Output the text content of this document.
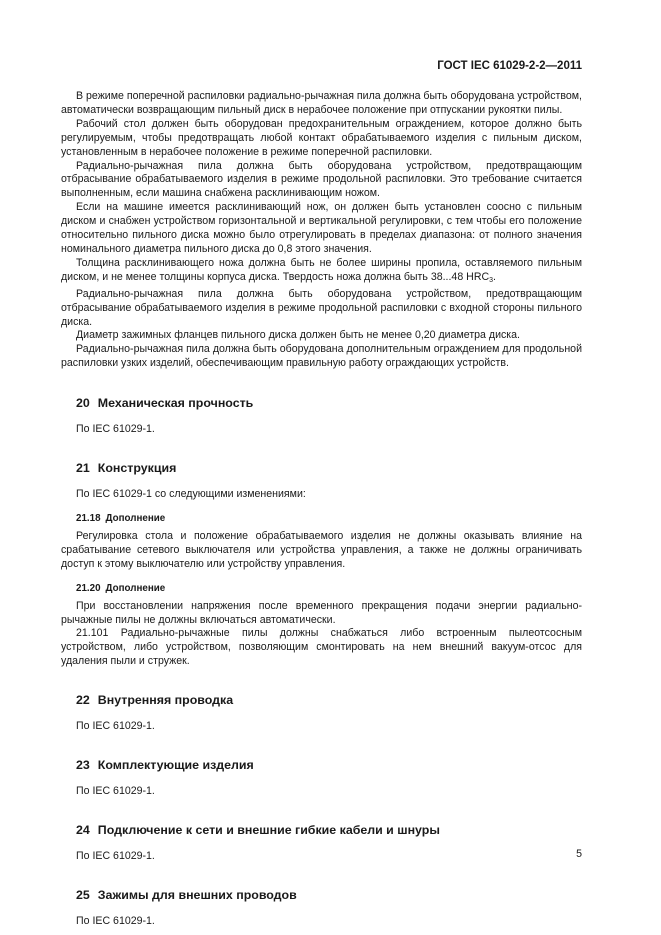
ГОСТ IEC 61029-2-2—2011

В режиме поперечной распиловки радиально-рычажная пила должна быть оборудована устройством, автоматически возвращающим пильный диск в нерабочее положение при отпускании рукоятки пилы.

Рабочий стол должен быть оборудован предохранительным ограждением, которое должно быть регулируемым, чтобы предотвращать любой контакт обрабатываемого изделия с пильным диском, установленным в нерабочее положение в режиме поперечной распиловки.

Радиально-рычажная пила должна быть оборудована устройством, предотвращающим отбрасывание обрабатываемого изделия в режиме продольной распиловки. Это требование считается выполненным, если машина снабжена расклинивающим ножом.

Если на машине имеется расклинивающий нож, он должен быть установлен соосно с пильным диском и снабжен устройством горизонтальной и вертикальной регулировки, с тем чтобы его положение относительно пильного диска можно было отрегулировать в пределах диапазона: от полного значения номинального диаметра пильного диска до 0,8 этого значения.

Толщина расклинивающего ножа должна быть не более ширины пропила, оставляемого пильным диском, и не менее толщины корпуса диска. Твердость ножа должна быть 38...48 $HRC_3$.

Радиально-рычажная пила должна быть оборудована устройством, предотвращающим отбрасывание обрабатываемого изделия в режиме продольной распиловки с входной стороны пильного диска.

Диаметр зажимных фланцев пильного диска должен быть не менее 0,20 диаметра диска.

Радиально-рычажная пила должна быть оборудована дополнительным ограждением для продольной распиловки узких изделий, обеспечивающим правильную работу ограждающих устройств.

20 Механическая прочность

По IEC 61029-1.

21 Конструкция

По IEC 61029-1 со следующими изменениями:

21.18 Дополнение

Регулировка стола и положение обрабатываемого изделия не должны оказывать влияние на срабатывание сетевого выключателя или устройства управления, а также не должны ограничивать доступ к этому выключателю или устройству управления.

21.20 Дополнение

При восстановлении напряжения после временного прекращения подачи энергии радиально-рычажные пилы не должны включаться автоматически.

21.101 Радиально-рычажные пилы должны снабжаться либо встроенным пылеотсосным устройством, либо устройством, позволяющим смонтировать на нем внешний вакуум-отсос для удаления пыли и стружек.

22 Внутренняя проводка

По IEC 61029-1.

23 Комплектующие изделия

По IEC 61029-1.

24 Подключение к сети и внешние гибкие кабели и шнуры

По IEC 61029-1.

25 Зажимы для внешних проводов

По IEC 61029-1.

5
